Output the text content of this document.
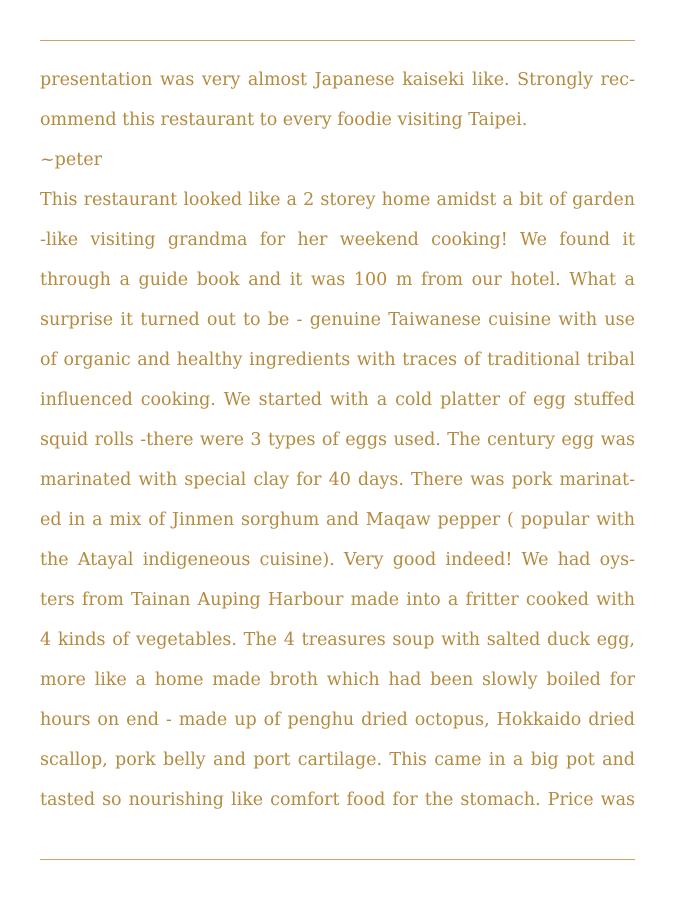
presentation was very almost Japanese kaiseki like. Strongly rec-
ommend this restaurant to every foodie visiting Taipei.
~peter
This restaurant looked like a 2 storey home amidst a bit of garden
-like visiting grandma for her weekend cooking! We found it
through a guide book and it was 100 m from our hotel. What a
surprise it turned out to be - genuine Taiwanese cuisine with use
of organic and healthy ingredients with traces of traditional tribal
influenced cooking. We started with a cold platter of egg stuffed
squid rolls -there were 3 types of eggs used. The century egg was
marinated with special clay for 40 days. There was pork marinat-
ed in a mix of Jinmen sorghum and Maqaw pepper ( popular with
the Atayal indigeneous cuisine). Very good indeed! We had oys-
ters from Tainan Auping Harbour made into a fritter cooked with
4 kinds of vegetables. The 4 treasures soup with salted duck egg,
more like a home made broth which had been slowly boiled for
hours on end - made up of penghu dried octopus, Hokkaido dried
scallop, pork belly and port cartilage. This came in a big pot and
tasted so nourishing like comfort food for the stomach. Price was
